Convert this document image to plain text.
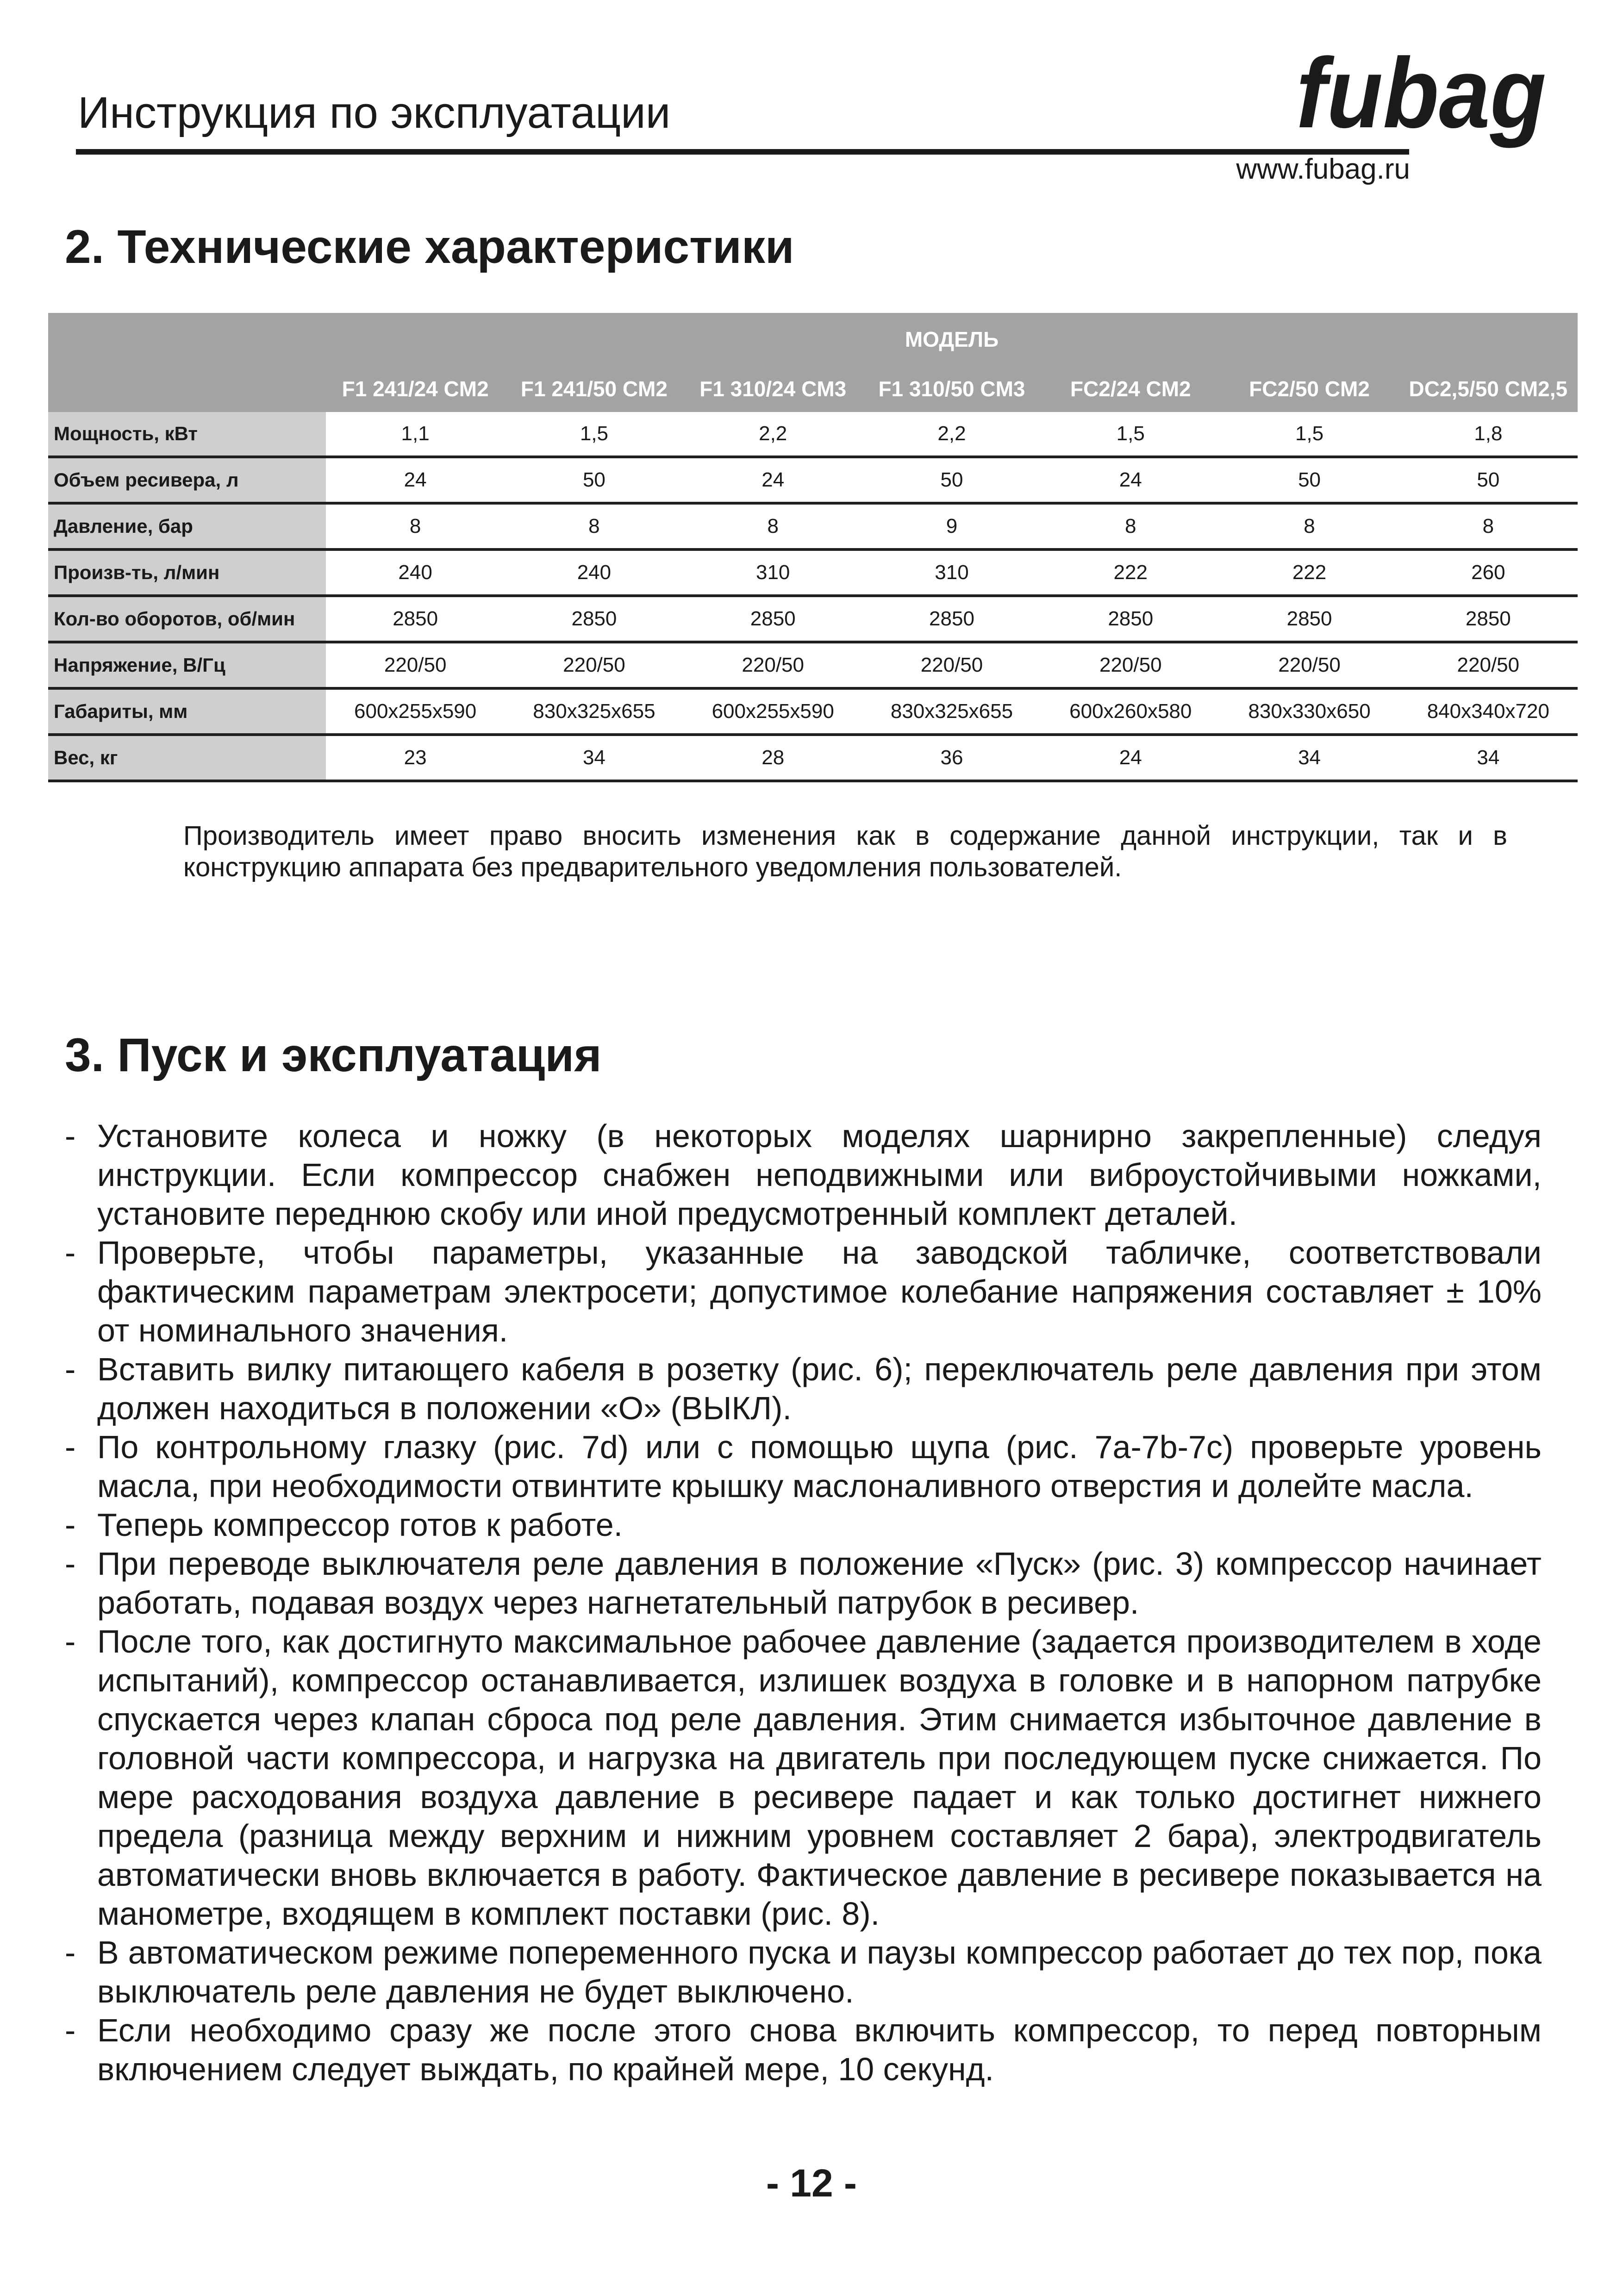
Инструкция по эксплуатации	fubag
www.fubag.ru
2. Технические характеристики
	МОДЕЛЬ						
	F1 241/24 CM2	F1 241/50 CM2	F1 310/24 CM3	F1 310/50 CM3	FC2/24 CM2	FC2/50 CM2	DC2,5/50 CM2,5
Мощность, кВт	1,1	1,5	2,2	2,2	1,5	1,5	1,8
Объем ресивера, л	24	50	24	50	24	50	50
Давление, бар	8	8	8	9	8	8	8
Произв-ть, л/мин	240	240	310	310	222	222	260
Кол-во оборотов, об/мин	2850	2850	2850	2850	2850	2850	2850
Напряжение, В/Гц	220/50	220/50	220/50	220/50	220/50	220/50	220/50
Габариты, мм	600x255x590	830x325x655	600x255x590	830x325x655	600x260x580	830x330x650	840x340x720
Вес, кг	23	34	28	36	24	34	34
Производитель имеет право вносить изменения как в содержание данной инструкции, так и в конструкцию аппарата без предварительного уведомления пользователей.
3. Пуск и эксплуатация
- Установите колеса и ножку (в некоторых моделях шарнирно закрепленные) следуя инструкции. Если компрессор снабжен неподвижными или виброустойчивыми ножками, установите переднюю скобу или иной предусмотренный комплект деталей.
- Проверьте, чтобы параметры, указанные на заводской табличке, соответствовали фактическим параметрам электросети; допустимое колебание напряжения составляет ± 10% от номинального значения.
- Вставить вилку питающего кабеля в розетку (рис. 6); переключатель реле давления при этом должен находиться в положении «О» (ВЫКЛ).
- По контрольному глазку (рис. 7d) или с помощью щупа (рис. 7a-7b-7c) проверьте уровень масла, при необходимости отвинтите крышку маслоналивного отверстия и долейте масла.
- Теперь компрессор готов к работе.
- При переводе выключателя реле давления в положение «Пуск» (рис. 3) компрессор начинает работать, подавая воздух через нагнетательный патрубок в ресивер.
- После того, как достигнуто максимальное рабочее давление (задается производителем в ходе испытаний), компрессор останавливается, излишек воздуха в головке и в напорном патрубке спускается через клапан сброса под реле давления. Этим снимается избыточное давление в головной части компрессора, и нагрузка на двигатель при последующем пуске снижается. По мере расходования воздуха давление в ресивере падает и как только достигнет нижнего предела (разница между верхним и нижним уровнем составляет 2 бара), электродвигатель автоматически вновь включается в работу. Фактическое давление в ресивере показывается на манометре, входящем в комплект поставки (рис. 8).
- В автоматическом режиме попеременного пуска и паузы компрессор работает до тех пор, пока выключатель реле давления не будет выключено.
- Если необходимо сразу же после этого снова включить компрессор, то перед повторным включением следует выждать, по крайней мере, 10 секунд.
- 12 -
